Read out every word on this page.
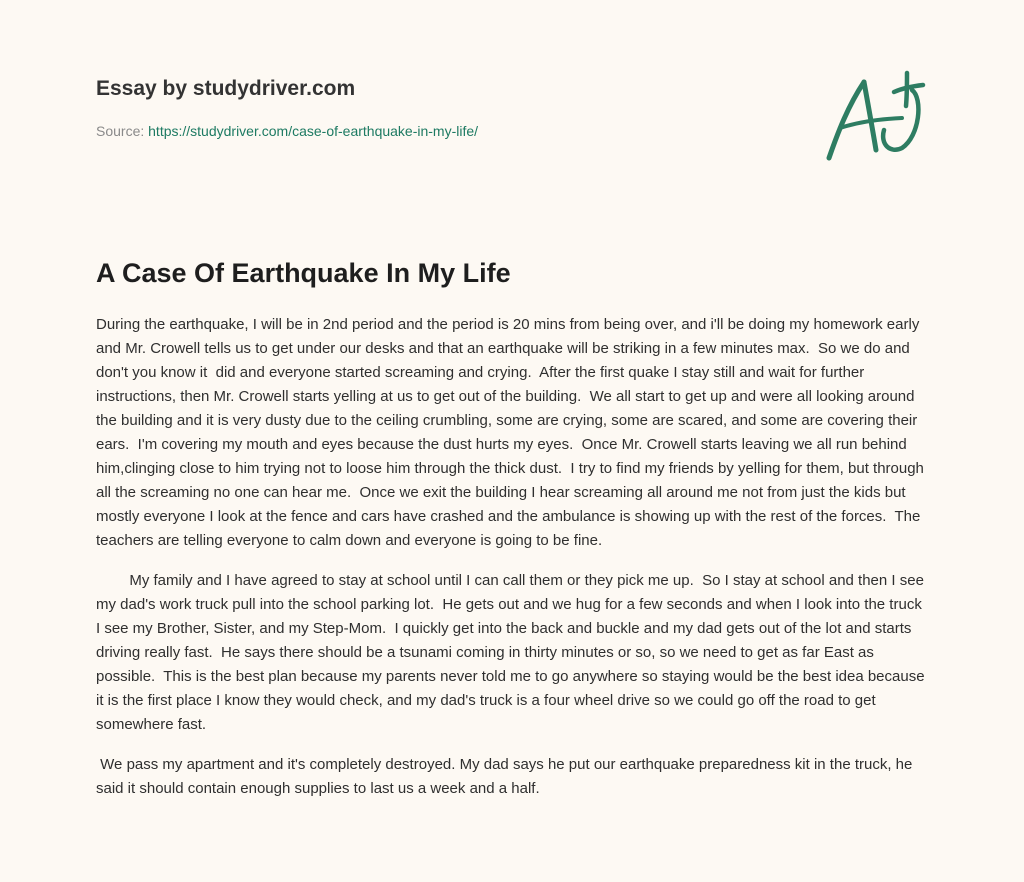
Essay by studydriver.com
Source: https://studydriver.com/case-of-earthquake-in-my-life/
A Case Of Earthquake In My Life

During the earthquake, I will be in 2nd period and the period is 20 mins from being over, and i'll be doing my homework early and Mr. Crowell tells us to get under our desks and that an earthquake will be striking in a few minutes max.  So we do and don't you know it  did and everyone started screaming and crying.  After the first quake I stay still and wait for further instructions, then Mr. Crowell starts yelling at us to get out of the building.  We all start to get up and were all looking around the building and it is very dusty due to the ceiling crumbling, some are crying, some are scared, and some are covering their ears.  I'm covering my mouth and eyes because the dust hurts my eyes.  Once Mr. Crowell starts leaving we all run behind him,clinging close to him trying not to loose him through the thick dust.  I try to find my friends by yelling for them, but through all the screaming no one can hear me.  Once we exit the building I hear screaming all around me not from just the kids but mostly everyone I look at the fence and cars have crashed and the ambulance is showing up with the rest of the forces.  The teachers are telling everyone to calm down and everyone is going to be fine.

My family and I have agreed to stay at school until I can call them or they pick me up.  So I stay at school and then I see my dad's work truck pull into the school parking lot.  He gets out and we hug for a few seconds and when I look into the truck I see my Brother, Sister, and my Step-Mom.  I quickly get into the back and buckle and my dad gets out of the lot and starts driving really fast.  He says there should be a tsunami coming in thirty minutes or so, so we need to get as far East as possible.  This is the best plan because my parents never told me to go anywhere so staying would be the best idea because it is the first place I know they would check, and my dad's truck is a four wheel drive so we could go off the road to get somewhere fast.

We pass my apartment and it's completely destroyed. My dad says he put our earthquake preparedness kit in the truck, he said it should contain enough supplies to last us a week and a half.
